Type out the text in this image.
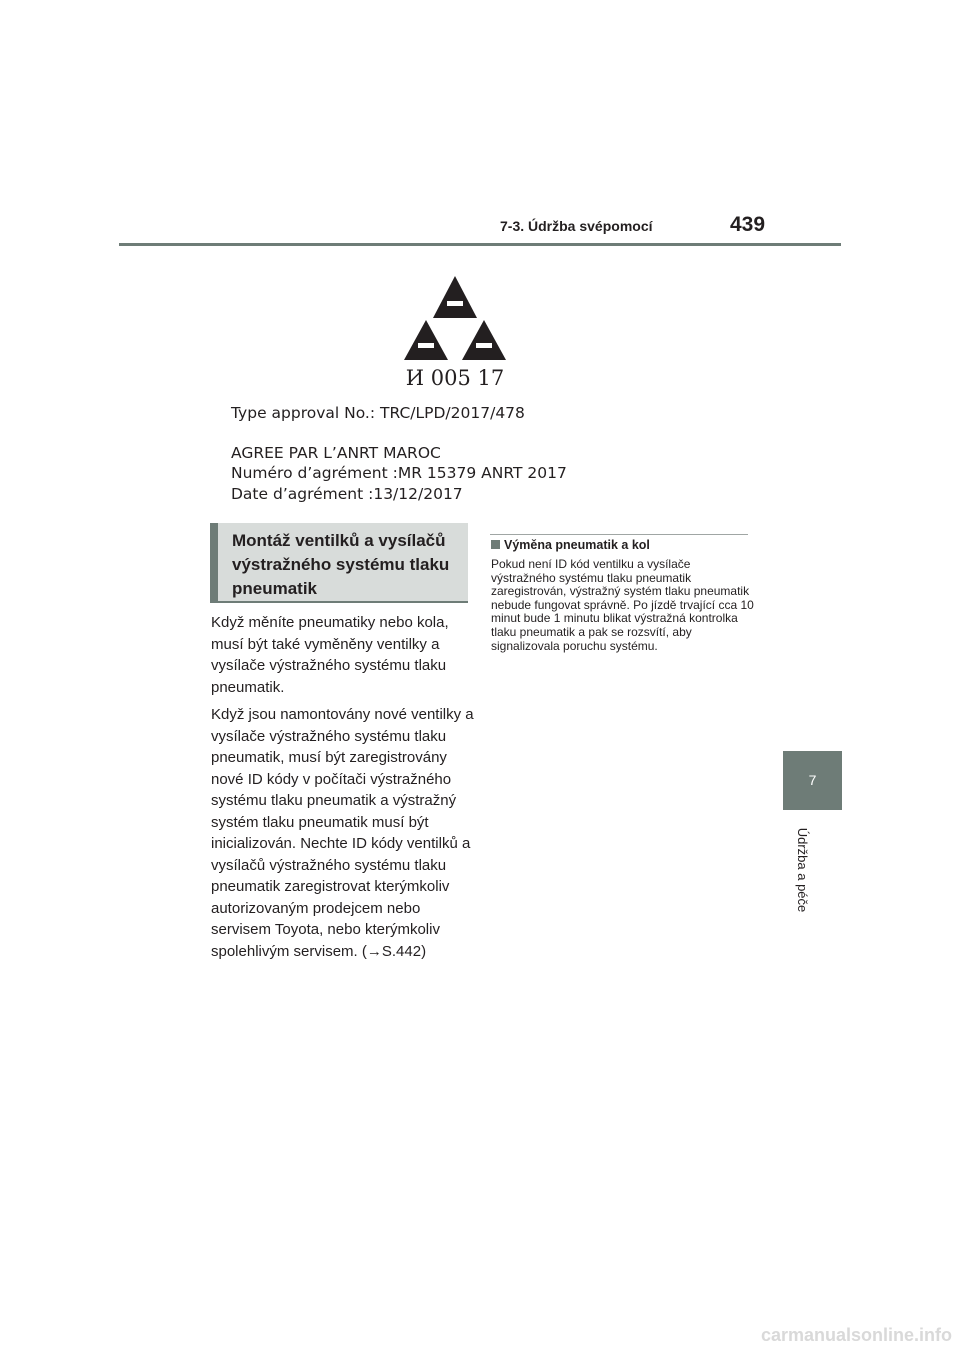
7-3. Údržba svépomocí	439
7
Údržba a péče
И 005 17
Type approval No.: TRC/LPD/2017/478
AGREE PAR L’ANRT MAROC
Numéro d’agrément :MR 15379 ANRT 2017
Date d’agrément :13/12/2017
Montáž ventilků a vysílačů výstražného systému tlaku pneumatik

Když měníte pneumatiky nebo kola, musí být také vyměněny ventilky a vysílače výstražného systému tlaku pneumatik.

Když jsou namontovány nové ventilky a vysílače výstražného systému tlaku pneumatik, musí být zaregistrovány nové ID kódy v počítači výstražného systému tlaku pneumatik a výstražný systém tlaku pneumatik musí být inicializován. Nechte ID kódy ventilků a vysílačů výstražného systému tlaku pneumatik zaregistrovat kterýmkoliv autorizovaným prodejcem nebo servisem Toyota, nebo kterýmkoliv spolehlivým servisem. (→S.442)

Výměna pneumatik a kol

Pokud není ID kód ventilku a vysílače výstražného systému tlaku pneumatik zaregistrován, výstražný systém tlaku pneumatik nebude fungovat správně. Po jízdě trvající cca 10 minut bude 1 minutu blikat výstražná kontrolka tlaku pneumatik a pak se rozsvítí, aby signalizovala poruchu systému.

carmanualsonline.info
